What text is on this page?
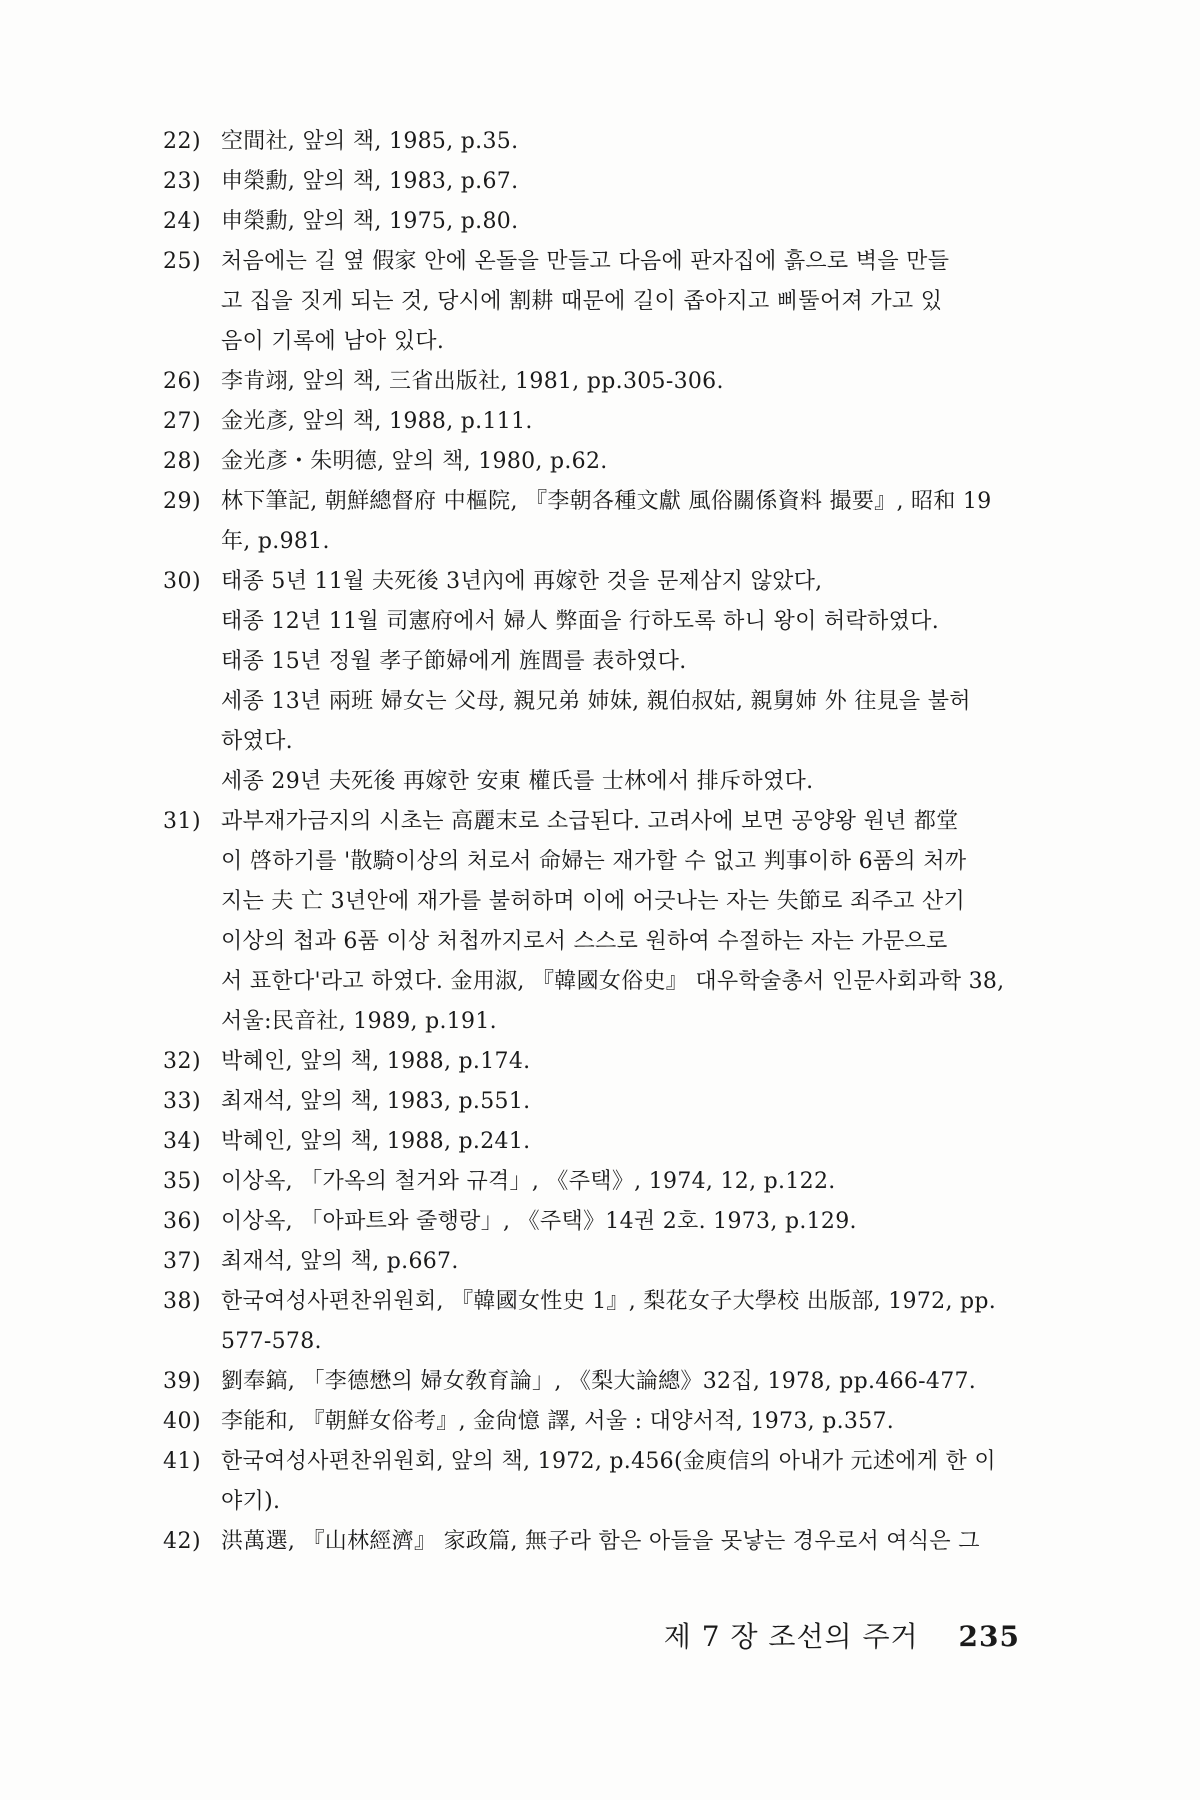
22) 空間社, 앞의 책, 1985, p.35.
23) 申榮勳, 앞의 책, 1983, p.67.
24) 申榮勳, 앞의 책, 1975, p.80.
25) 처음에는 길 옆 假家 안에 온돌을 만들고 다음에 판자집에 흙으로 벽을 만들
고 집을 짓게 되는 것, 당시에 割耕 때문에 길이 좁아지고 삐뚤어져 가고 있
음이 기록에 남아 있다.
26) 李肯翊, 앞의 책, 三省出版社, 1981, pp.305-306.
27) 金光彥, 앞의 책, 1988, p.111.
28) 金光彥・朱明德, 앞의 책, 1980, p.62.
29) 林下筆記, 朝鮮總督府 中樞院, 『李朝各種文獻 風俗關係資料 撮要』, 昭和 19
年, p.981.
30) 태종 5년 11월 夫死後 3년內에 再嫁한 것을 문제삼지 않았다,
태종 12년 11월 司憲府에서 婦人 弊面을 行하도록 하니 왕이 허락하였다.
태종 15년 정월 孝子節婦에게 旌閭를 表하였다.
세종 13년 兩班 婦女는 父母, 親兄弟 姉妹, 親伯叔姑, 親舅姉 外 往見을 불허
하였다.
세종 29년 夫死後 再嫁한 安東 權氏를 士林에서 排斥하였다.
31) 과부재가금지의 시초는 高麗末로 소급된다. 고려사에 보면 공양왕 원년 都堂
이 啓하기를 '散騎이상의 처로서 命婦는 재가할 수 없고 判事이하 6품의 처까
지는 夫 亡 3년안에 재가를 불허하며 이에 어긋나는 자는 失節로 죄주고 산기
이상의 첩과 6품 이상 처첩까지로서 스스로 원하여 수절하는 자는 가문으로
서 표한다'라고 하였다. 金用淑, 『韓國女俗史』 대우학술총서 인문사회과학 38,
서울:民音社, 1989, p.191.
32) 박혜인, 앞의 책, 1988, p.174.
33) 최재석, 앞의 책, 1983, p.551.
34) 박혜인, 앞의 책, 1988, p.241.
35) 이상옥, 「가옥의 철거와 규격」, 《주택》, 1974, 12, p.122.
36) 이상옥, 「아파트와 줄행랑」, 《주택》14권 2호. 1973, p.129.
37) 최재석, 앞의 책, p.667.
38) 한국여성사편찬위원회, 『韓國女性史 1』, 梨花女子大學校 出版部, 1972, pp.
577-578.
39) 劉奉鎬, 「李德懋의 婦女敎育論」, 《梨大論總》32집, 1978, pp.466-477.
40) 李能和, 『朝鮮女俗考』, 金尙憶 譯, 서울 : 대양서적, 1973, p.357.
41) 한국여성사편찬위원회, 앞의 책, 1972, p.456(金庾信의 아내가 元述에게 한 이
야기).
42) 洪萬選, 『山林經濟』 家政篇, 無子라 함은 아들을 못낳는 경우로서 여식은 그
제 7 장 조선의 주거 235
